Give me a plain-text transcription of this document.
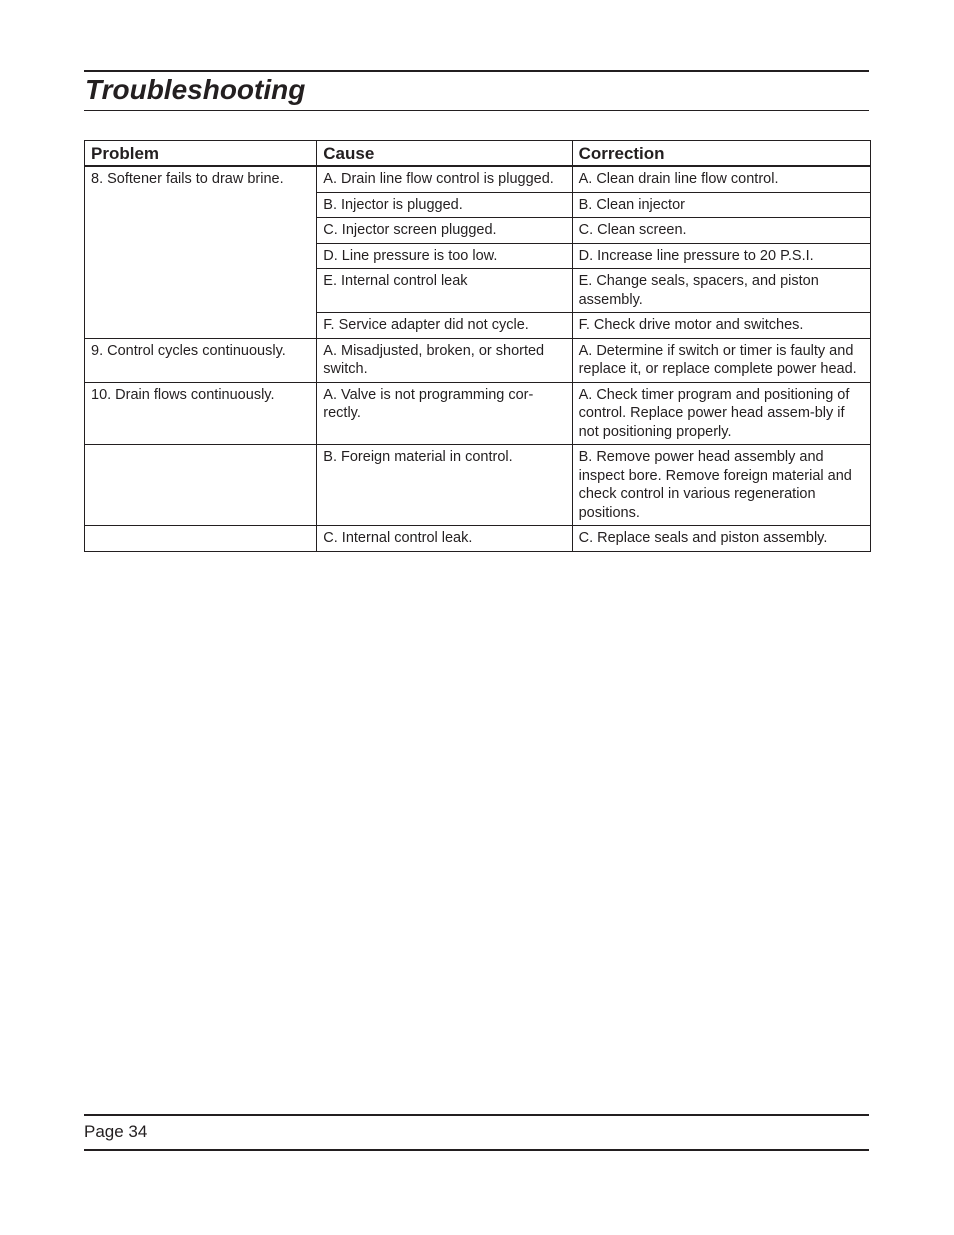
Troubleshooting
Problem	Cause	Correction
8. Softener fails to draw brine.	A. Drain line flow control is plugged.	A. Clean drain line flow control.
	B. Injector is plugged.	B. Clean injector
	C. Injector screen plugged.	C. Clean screen.
	D. Line pressure is too low.	D. Increase line pressure to 20 P.S.I.
	E. Internal control leak	E. Change seals, spacers, and piston assembly.
	F. Service adapter did not cycle.	F. Check drive motor and switches.
9. Control cycles continuously.	A. Misadjusted, broken, or shorted switch.	A. Determine if switch or timer is faulty and replace it, or replace complete power head.
10. Drain flows continuously.	A. Valve is not programming cor-rectly.	A. Check timer program and positioning of control. Replace power head assem-bly if not positioning properly.
	B. Foreign material in control.	B. Remove power head assembly and inspect bore. Remove foreign material and check control in various regeneration positions.
	C. Internal control leak.	C. Replace seals and piston assembly.
Page 34
